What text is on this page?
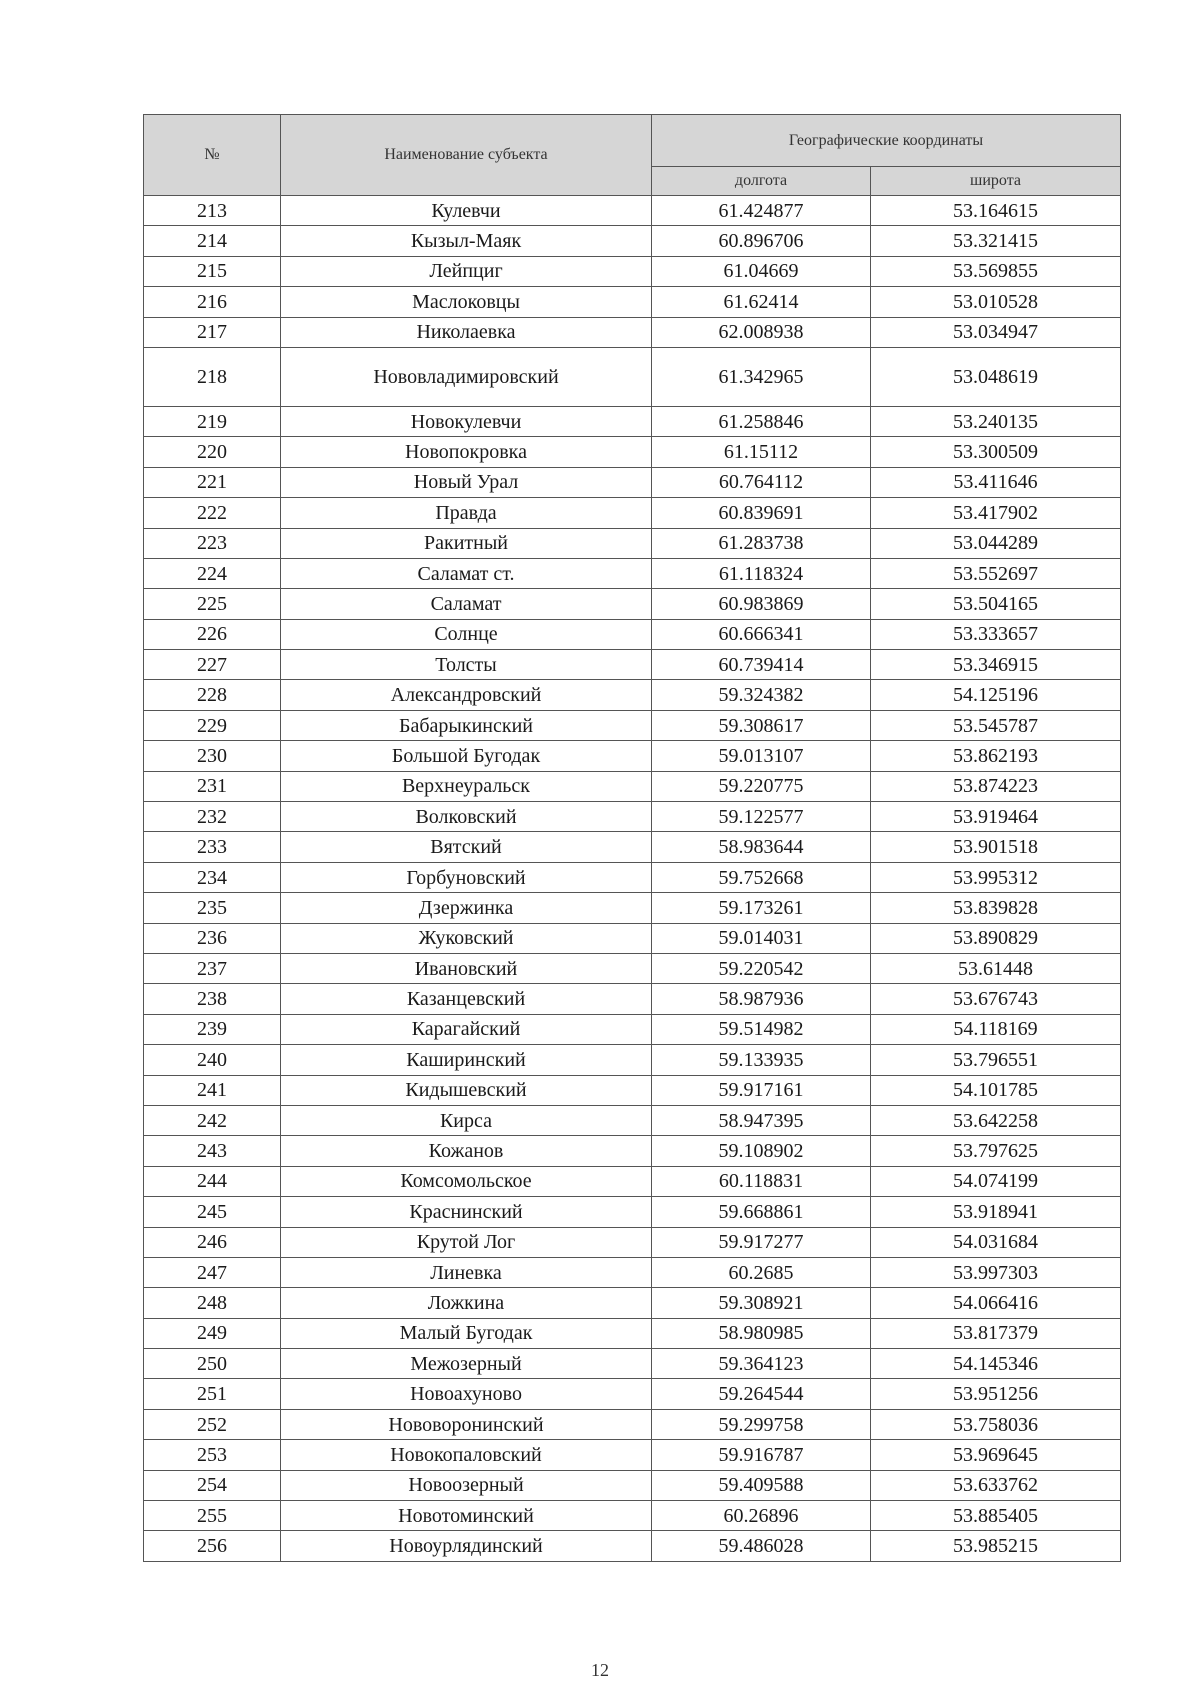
№	Наименование субъекта	Географические координаты	
		долгота	широта
213	Кулевчи	61.424877	53.164615
214	Кызыл-Маяк	60.896706	53.321415
215	Лейпциг	61.04669	53.569855
216	Маслоковцы	61.62414	53.010528
217	Николаевка	62.008938	53.034947
218	Нововладимировский	61.342965	53.048619
219	Новокулевчи	61.258846	53.240135
220	Новопокровка	61.15112	53.300509
221	Новый Урал	60.764112	53.411646
222	Правда	60.839691	53.417902
223	Ракитный	61.283738	53.044289
224	Саламат ст.	61.118324	53.552697
225	Саламат	60.983869	53.504165
226	Солнце	60.666341	53.333657
227	Толсты	60.739414	53.346915
228	Александровский	59.324382	54.125196
229	Бабарыкинский	59.308617	53.545787
230	Большой Бугодак	59.013107	53.862193
231	Верхнеуральск	59.220775	53.874223
232	Волковский	59.122577	53.919464
233	Вятский	58.983644	53.901518
234	Горбуновский	59.752668	53.995312
235	Дзержинка	59.173261	53.839828
236	Жуковский	59.014031	53.890829
237	Ивановский	59.220542	53.61448
238	Казанцевский	58.987936	53.676743
239	Карагайский	59.514982	54.118169
240	Каширинский	59.133935	53.796551
241	Кидышевский	59.917161	54.101785
242	Кирса	58.947395	53.642258
243	Кожанов	59.108902	53.797625
244	Комсомольское	60.118831	54.074199
245	Краснинский	59.668861	53.918941
246	Крутой Лог	59.917277	54.031684
247	Линевка	60.2685	53.997303
248	Ложкина	59.308921	54.066416
249	Малый Бугодак	58.980985	53.817379
250	Межозерный	59.364123	54.145346
251	Новоахуново	59.264544	53.951256
252	Нововоронинский	59.299758	53.758036
253	Новокопаловский	59.916787	53.969645
254	Новоозерный	59.409588	53.633762
255	Новотоминский	60.26896	53.885405
256	Новоурлядинский	59.486028	53.985215
12
